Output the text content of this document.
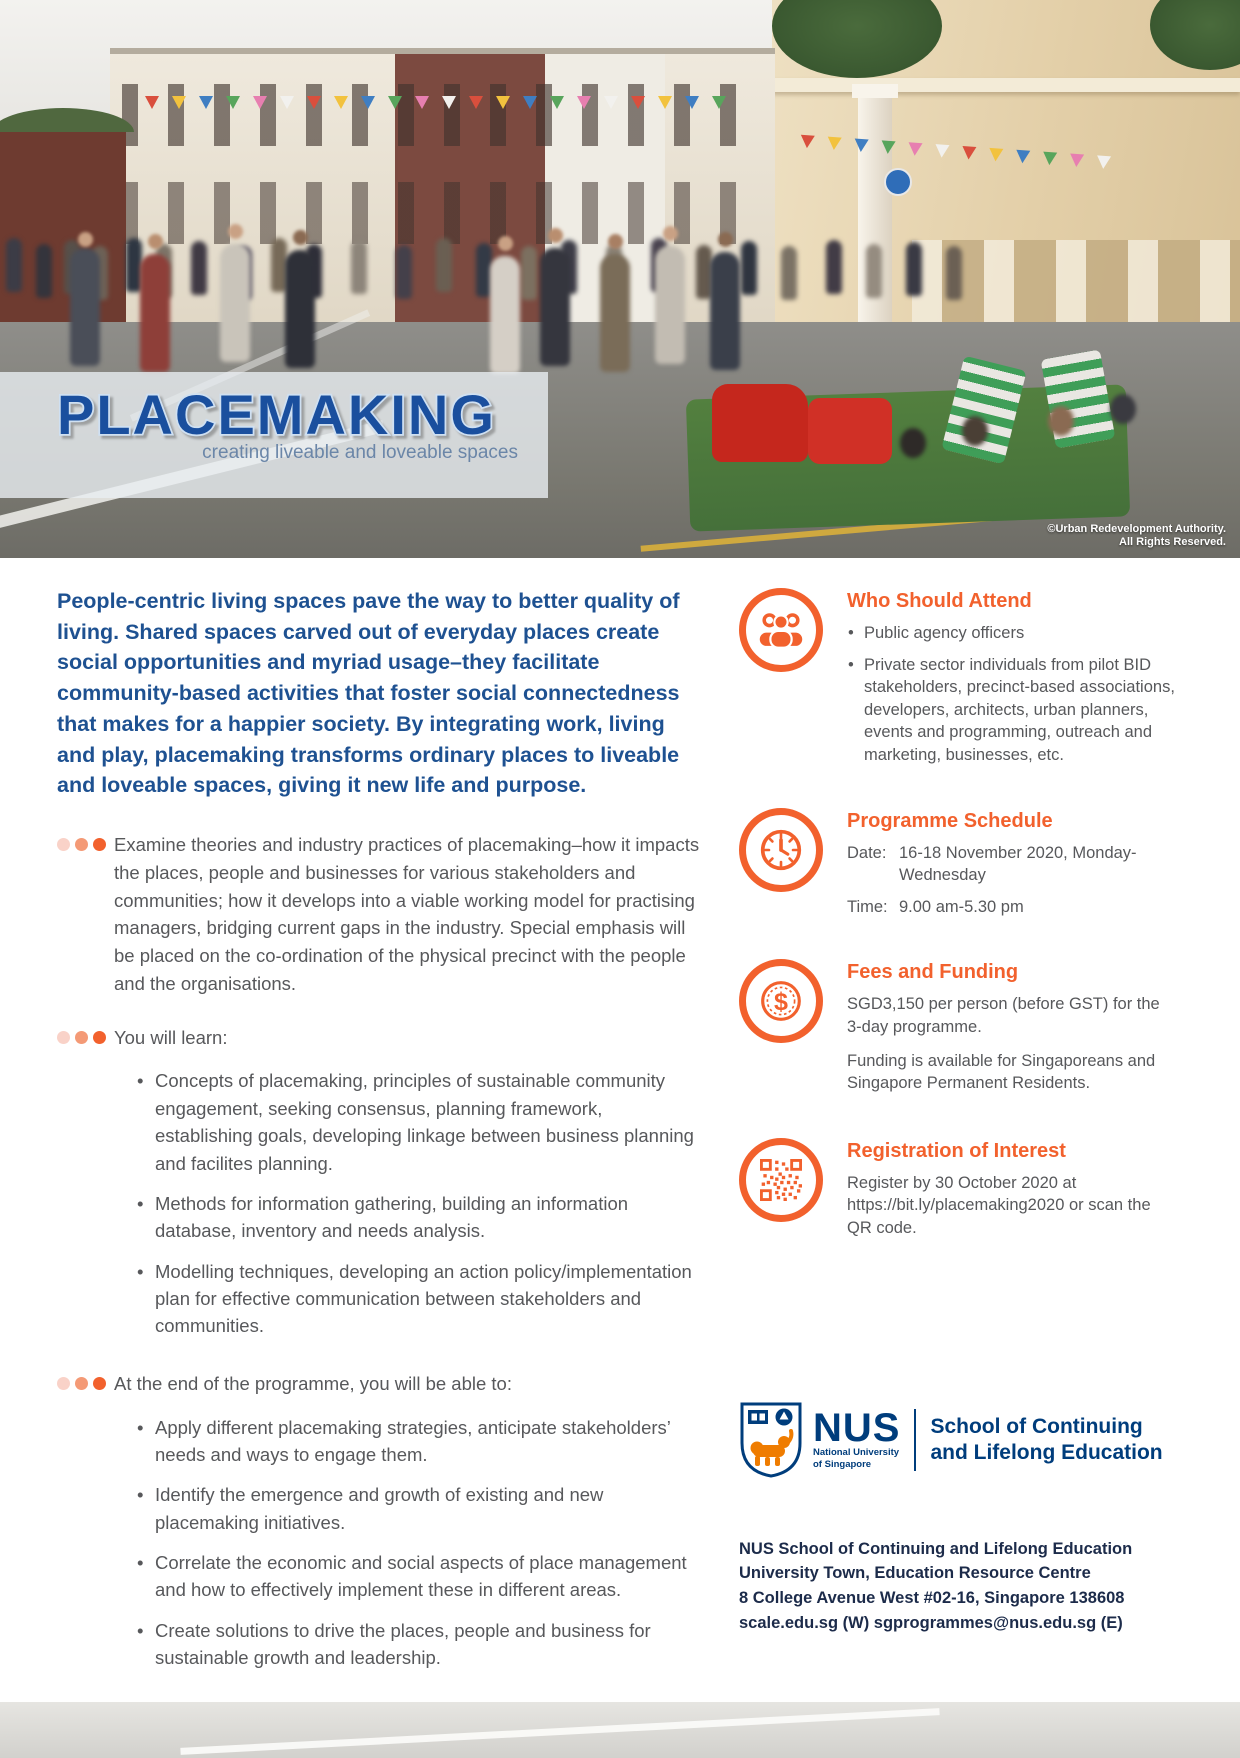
PLACEMAKING
creating liveable and loveable spaces
©Urban Redevelopment Authority.
All Rights Reserved.

People-centric living spaces pave the way to better quality of living. Shared spaces carved out of everyday places create social opportunities and myriad usage–they facilitate community-based activities that foster social connectedness that makes for a happier society. By integrating work, living and play, placemaking transforms ordinary places to liveable and loveable spaces, giving it new life and purpose.

Examine theories and industry practices of placemaking–how it impacts the places, people and businesses for various stakeholders and communities; how it develops into a viable working model for practising managers, bridging current gaps in the industry. Special emphasis will be placed on the co-ordination of the physical precinct with the people and the organisations.
You will learn:
• Concepts of placemaking, principles of sustainable community engagement, seeking consensus, planning framework, establishing goals, developing linkage between business planning and facilites planning.
• Methods for information gathering, building an information database, inventory and needs analysis.
• Modelling techniques, developing an action policy/implementation plan for effective communication between stakeholders and communities.
At the end of the programme, you will be able to:
• Apply different placemaking strategies, anticipate stakeholders’ needs and ways to engage them.
• Identify the emergence and growth of existing and new placemaking initiatives.
• Correlate the economic and social aspects of place management and how to effectively implement these in different areas.
• Create solutions to drive the places, people and business for sustainable growth and leadership.
Who Should Attend
• Public agency officers
• Private sector individuals from pilot BID stakeholders, precinct-based associations, developers, architects, urban planners, events and programming, outreach and marketing, businesses, etc.
Programme Schedule
Date: 16-18 November 2020, Monday-Wednesday
Time: 9.00 am-5.30 pm
$
Fees and Funding

SGD3,150 per person (before GST) for the 3-day programme.

Funding is available for Singaporeans and Singapore Permanent Residents.

Registration of Interest

Register by 30 October 2020 at https://bit.ly/placemaking2020 or scan the QR code.

NUS
National University
of Singapore
School of Continuing
and Lifelong Education
NUS School of Continuing and Lifelong Education
University Town, Education Resource Centre
8 College Avenue West #02-16, Singapore 138608
scale.edu.sg (W) sgprogrammes@nus.edu.sg (E)
